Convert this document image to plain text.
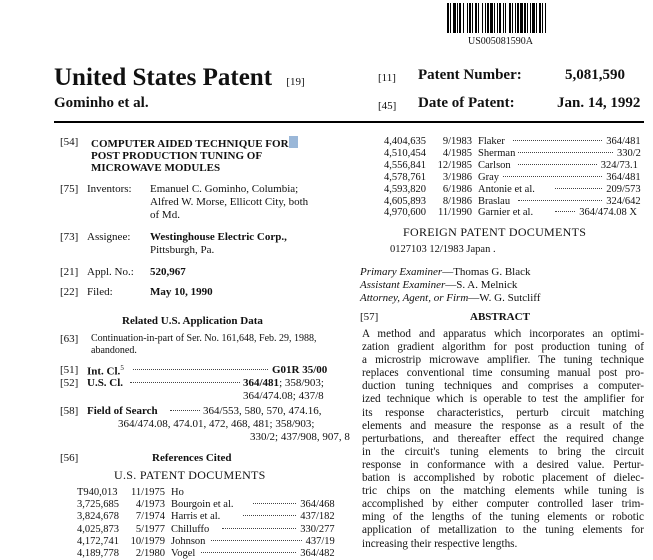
US005081590A
United States Patent [19]
Gominho et al.
[11] Patent Number:	5,081,590
[45] Date of Patent:	Jan. 14, 1992
[54] COMPUTER AIDED TECHNIQUE FOR
POST PRODUCTION TUNING OF
MICROWAVE MODULES
[75] Inventors: Emanuel C. Gominho, Columbia;
Alfred W. Morse, Ellicott City, both
of Md.
[73] Assignee: Westinghouse Electric Corp.,
Pittsburgh, Pa.
[21] Appl. No.: 520,967
[22] Filed:	May 10, 1990
Related U.S. Application Data
[63] Continuation-in-part of Ser. No. 161,648, Feb. 29, 1988,
abandoned.
[51] Int. Cl.$^5$	G01R 35/00
[52] U.S. Cl.	364/481; 358/903;
364/474.08; 437/8
[58] Field of Search	364/553, 580, 570, 474.16,
364/474.08, 474.01, 472, 468, 481; 358/903;
330/2; 437/908, 907, 8
[56]	References Cited
U.S. PATENT DOCUMENTS
T940,013	11/1975 Ho
3,725,685	4/1973 Bourgoin et al.	364/468
3,824,678	7/1974 Harris et al.	437/182
4,025,873	5/1977 Chilluffo	330/277
4,172,741	10/1979 Johnson	437/19
4,189,778	2/1980 Vogel	364/482
4,404,635	9/1983 Flaker	364/481
4,510,454	4/1985 Sherman	330/2
4,556,841	12/1985 Carlson	324/73.1
4,578,761	3/1986 Gray	364/481
4,593,820	6/1986 Antonie et al.	209/573
4,605,893	8/1986 Braslau	324/642
4,970,600	11/1990 Garnier et al.	364/474.08 X
FOREIGN PATENT DOCUMENTS
0127103 12/1983 Japan .
Primary Examiner—Thomas G. Black
Assistant Examiner—S. A. Melnick
Attorney, Agent, or Firm—W. G. Sutcliff
[57]	ABSTRACT
A method and apparatus which incorporates an optimi-
zation gradient algorithm for post production tuning of
a microstrip microwave amplifier. The tuning technique
replaces conventional time consuming manual post pro-
duction tuning techniques and comprises a computer-
ized technique which is operable to test the amplifier for
its response characteristics, perturb circuit matching
elements and measure the response as a result of the
perturbations, and thereafter effect the required change
in the circuit's tuning elements to bring the circuit
response in conformance with a desired value. Pertur-
bation is accomplished by robotic placement of dielec-
tric chips on the matching elements while tuning is
accomplished by either computer controlled laser trim-
ming of the lengths of the tuning elements or robotic
application of metallization to the tuning elements for
increasing their respective lengths.
